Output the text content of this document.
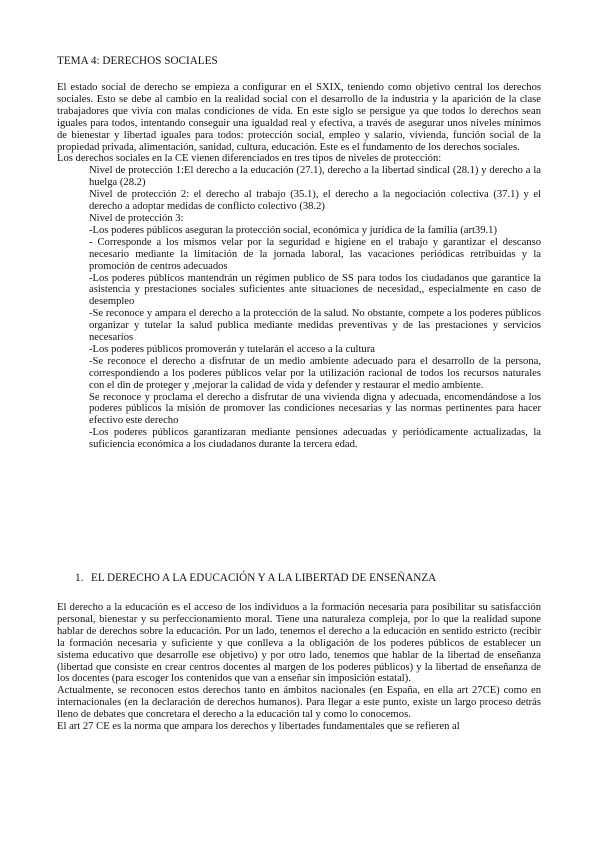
TEMA 4: DERECHOS SOCIALES

El estado social de derecho se empieza a configurar en el SXIX, teniendo como objetivo central los derechos sociales. Esto se debe al cambio en la realidad social con el desarrollo de la industria y la aparición de la clase trabajadores que vivía con malas condiciones de vida. En este siglo se persigue ya que todos lo derechos sean iguales para todos, intentando conseguir una igualdad real y efectiva, a través de asegurar unos niveles mínimos de bienestar y libertad iguales para todos: protección social, empleo y salario, vivienda, función social de la propiedad privada, alimentación, sanidad, cultura, educación. Este es el fundamento de los derechos sociales.

Los derechos sociales en la CE vienen diferenciados en tres tipos de niveles de protección:

Nivel de protección 1:El derecho a la educación (27.1), derecho a la libertad sindical (28.1) y derecho a la huelga (28.2)

Nivel de protección 2: el derecho al trabajo (35.1), el derecho a la negociación colectiva (37.1) y el derecho a adoptar medidas de conflicto colectivo (38.2)

Nivel de protección 3:

-Los poderes públicos aseguran la protección social, económica y jurídica de la familia (art39.1)

- Corresponde a los mismos velar por la seguridad e higiene en el trabajo y garantizar el descanso necesario mediante la limitación de la jornada laboral, las vacaciones periódicas retribuidas y la promoción de centros adecuados

-Los poderes públicos mantendrán un régimen publico de SS para todos los ciudadanos que garantice la asistencia y prestaciones sociales suficientes ante situaciones de necesidad,, especialmente en caso de desempleo

-Se reconoce y ampara el derecho a la protección de la salud. No obstante, compete a los poderes públicos organizar y tutelar la salud publica mediante medidas preventivas y de las prestaciones y servicios necesarios

-Los poderes públicos promoverán y tutelarán el acceso a la cultura

-Se reconoce el derecho a disfrutar de un medio ambiente adecuado para el desarrollo de la persona, correspondiendo a los poderes públicos velar por la utilización racional de todos los recursos naturales con el din de proteger y ,mejorar la calidad de vida y defender y restaurar el medio ambiente.

Se reconoce y proclama el derecho a disfrutar de una vivienda digna y adecuada, encomendándose a los poderes públicos la misión de promover las condiciones necesarias y las normas pertinentes para hacer efectivo este derecho

-Los poderes públicos garantizaran mediante pensiones adecuadas y periódicamente actualizadas, la suficiencia económica a los ciudadanos durante la tercera edad.

1. EL DERECHO A LA EDUCACIÓN Y A LA LIBERTAD DE ENSEÑANZA

El derecho a la educación es el acceso de los individuos a la formación necesaria para posibilitar su satisfacción personal, bienestar y su perfeccionamiento moral. Tiene una naturaleza compleja, por lo que la realidad supone hablar de derechos sobre la educación. Por un lado, tenemos el derecho a la educación en sentido estricto (recibir la formación necesaria y suficiente y que conlleva a la obligación de los poderes públicos de establecer un sistema educativo que desarrolle ese objetivo) y por otro lado, tenemos que hablar de la libertad de enseñanza (libertad que consiste en crear centros docentes al margen de los poderes públicos) y la libertad de enseñanza de los docentes (para escoger los contenidos que van a enseñar sin imposición estatal).

Actualmente, se reconocen estos derechos tanto en ámbitos nacionales (en España, en ella art 27CE) como en internacionales (en la declaración de derechos humanos). Para llegar a este punto, existe un largo proceso detrás lleno de debates que concretara el derecho a la educación tal y como lo conocemos.

El art 27 CE es la norma que ampara los derechos y libertades fundamentales que se refieren al
